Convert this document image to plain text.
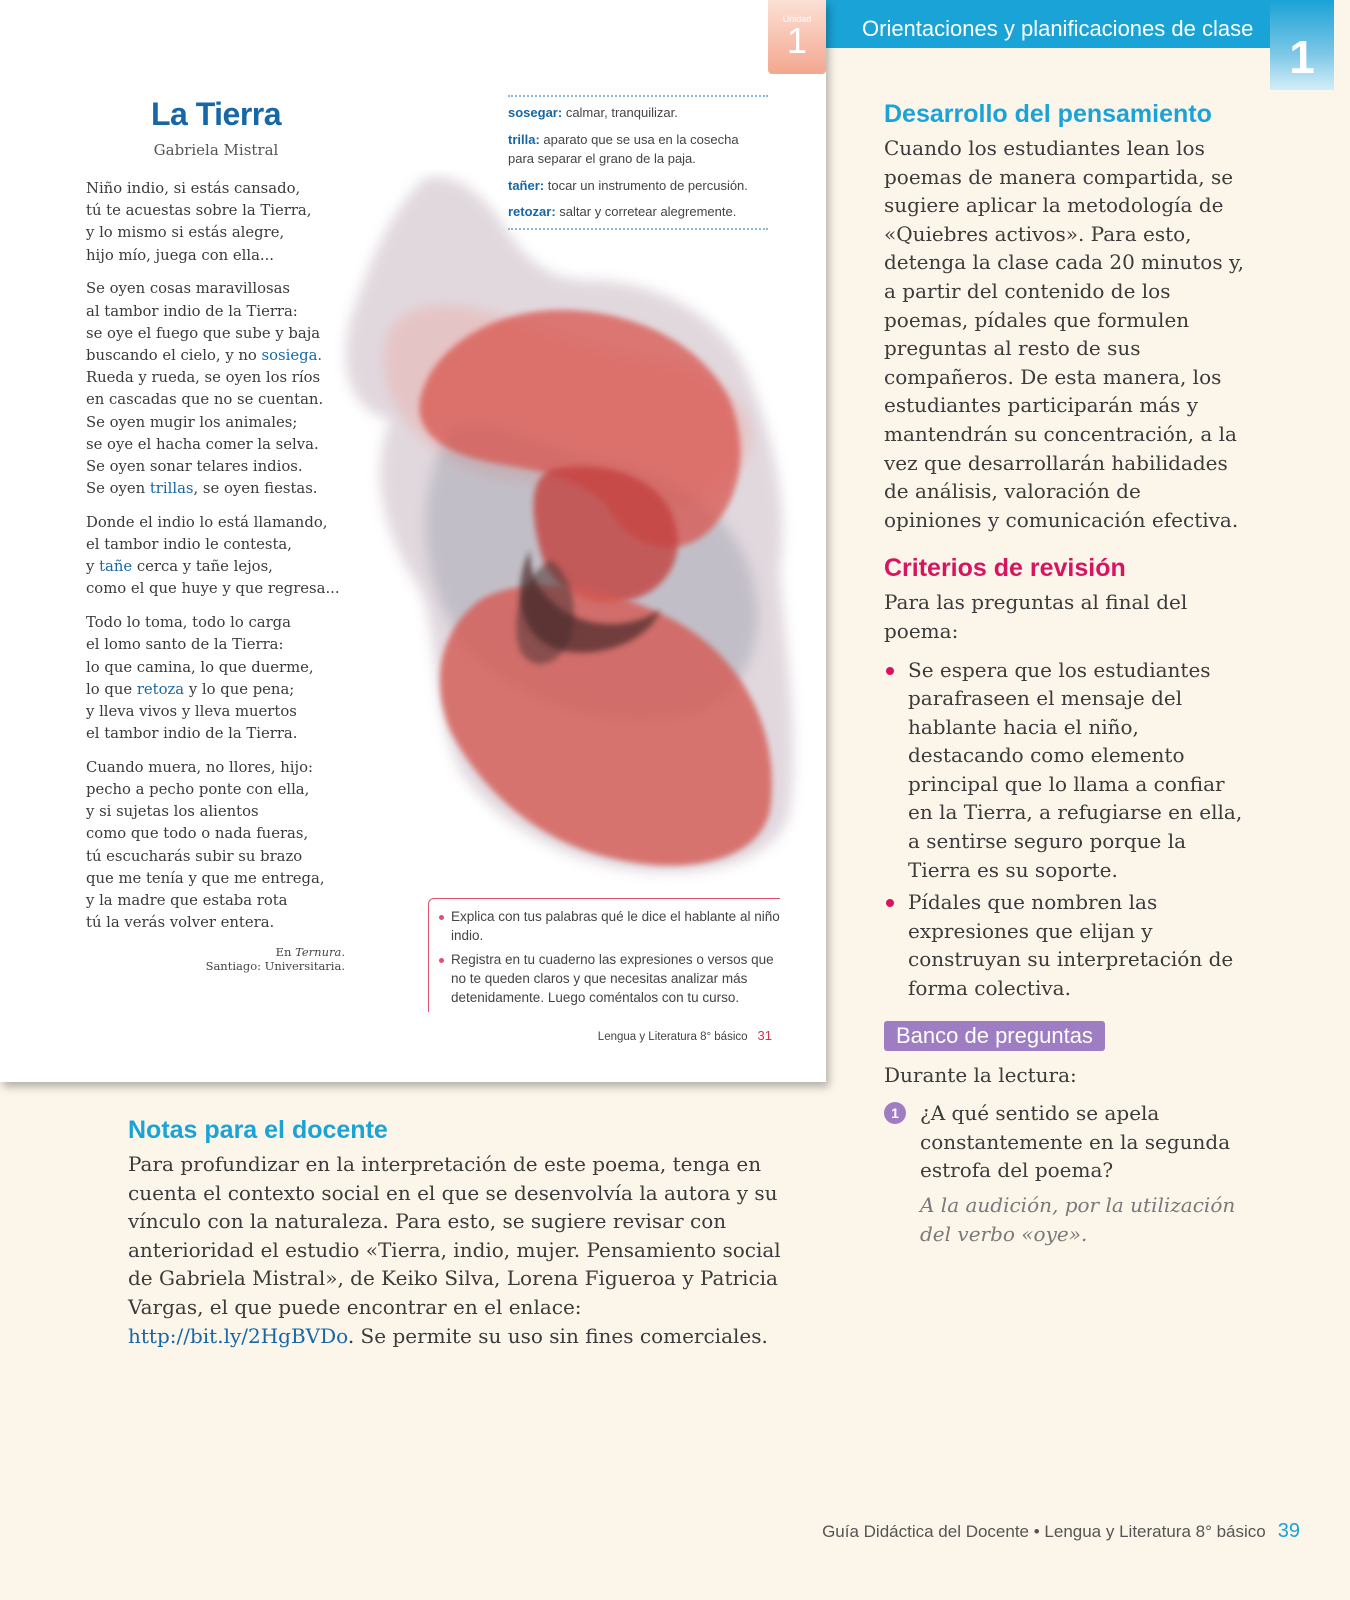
Orientaciones y planificaciones de clase
1
Unidad
1
La Tierra
Gabriela Mistral
Niño indio, si estás cansado,
tú te acuestas sobre la Tierra,
y lo mismo si estás alegre,
hijo mío, juega con ella...
Se oyen cosas maravillosas
al tambor indio de la Tierra:
se oye el fuego que sube y baja
buscando el cielo, y no sosiega.
Rueda y rueda, se oyen los ríos
en cascadas que no se cuentan.
Se oyen mugir los animales;
se oye el hacha comer la selva.
Se oyen sonar telares indios.
Se oyen trillas, se oyen fiestas.
Donde el indio lo está llamando,
el tambor indio le contesta,
y tañe cerca y tañe lejos,
como el que huye y que regresa...
Todo lo toma, todo lo carga
el lomo santo de la Tierra:
lo que camina, lo que duerme,
lo que retoza y lo que pena;
y lleva vivos y lleva muertos
el tambor indio de la Tierra.
Cuando muera, no llores, hijo:
pecho a pecho ponte con ella,
y si sujetas los alientos
como que todo o nada fueras,
tú escucharás subir su brazo
que me tenía y que me entrega,
y la madre que estaba rota
tú la verás volver entera.
En Ternura.
Santiago: Universitaria.
sosegar: calmar, tranquilizar.
trilla: aparato que se usa en la cosecha para separar el grano de la paja.
tañer: tocar un instrumento de percusión.
retozar: saltar y corretear alegremente.
Explica con tus palabras qué le dice el hablante al niño indio.
Registra en tu cuaderno las expresiones o versos que no te queden claros y que necesitas analizar más detenidamente. Luego coméntalos con tu curso.
Lengua y Literatura 8° básico 31
Desarrollo del pensamiento

Cuando los estudiantes lean los poemas de manera compartida, se sugiere aplicar la metodología de «Quiebres activos». Para esto, detenga la clase cada 20 minutos y, a partir del contenido de los poemas, pídales que formulen preguntas al resto de sus compañeros. De esta manera, los estudiantes participarán más y mantendrán su concentración, a la vez que desarrollarán habilidades de análisis, valoración de opiniones y comunicación efectiva.

Criterios de revisión

Para las preguntas al final del poema:

Se espera que los estudiantes parafraseen el mensaje del hablante hacia el niño, destacando como elemento principal que lo llama a confiar en la Tierra, a refugiarse en ella, a sentirse seguro porque la Tierra es su soporte.
Pídales que nombren las expresiones que elijan y construyan su interpretación de forma colectiva.
Banco de preguntas

Durante la lectura:

1	¿A qué sentido se apela constantemente en la segunda estrofa del poema?
A la audición, por la utilización del verbo «oye».
Notas para el docente

Para profundizar en la interpretación de este poema, tenga en cuenta el contexto social en el que se desenvolvía la autora y su vínculo con la naturaleza. Para esto, se sugiere revisar con anterioridad el estudio «Tierra, indio, mujer. Pensamiento social de Gabriela Mistral», de Keiko Silva, Lorena Figueroa y Patricia Vargas, el que puede encontrar en el enlace: http://bit.ly/2HgBVDo. Se permite su uso sin fines comerciales.

Guía Didáctica del Docente • Lengua y Literatura 8° básico 39
